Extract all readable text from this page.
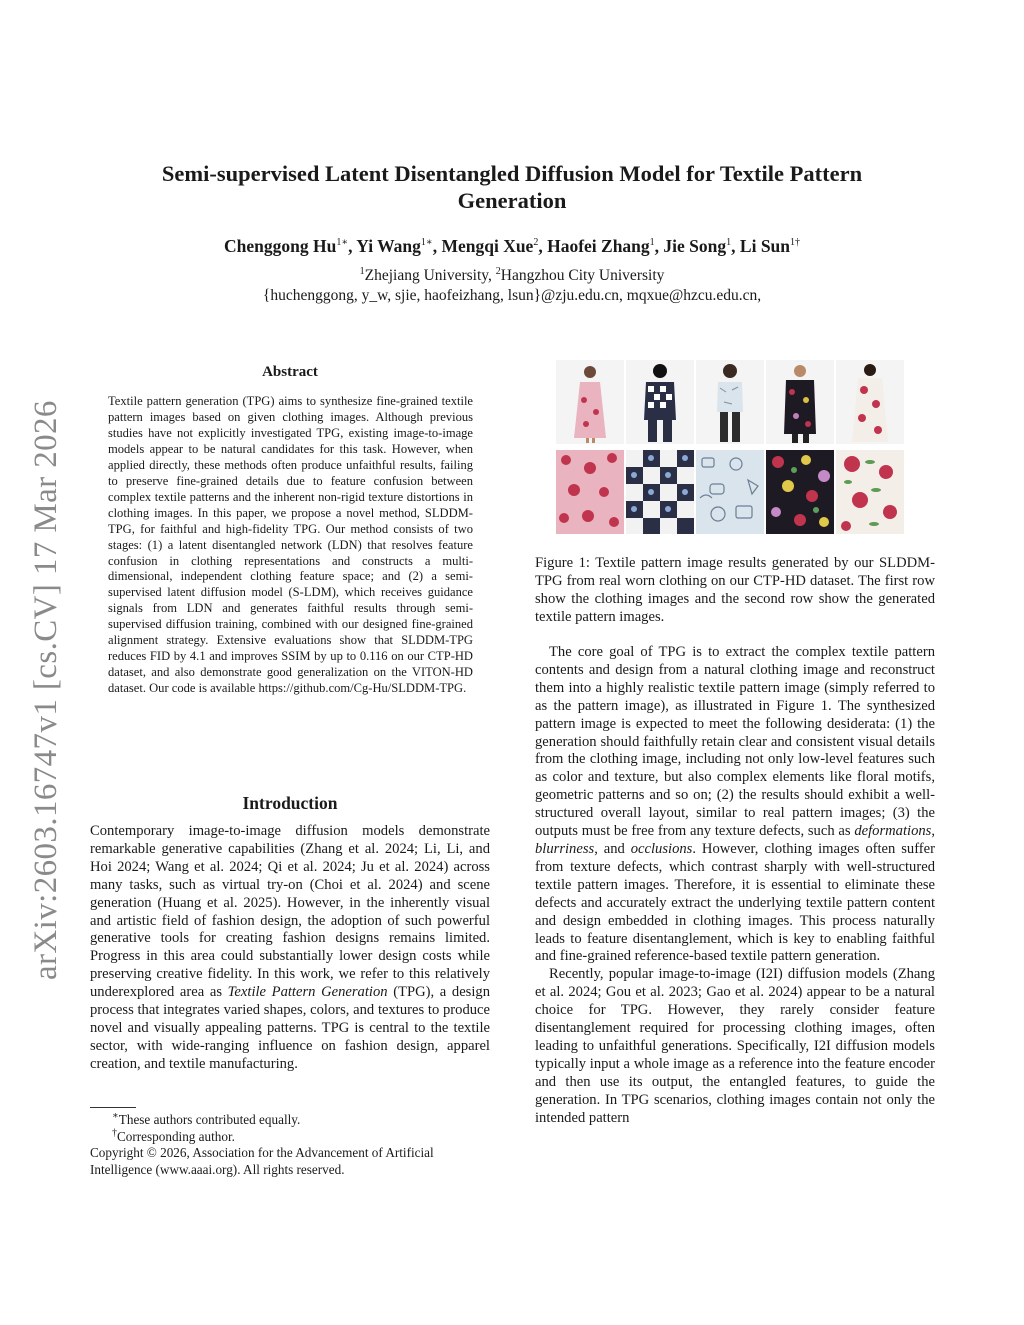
arXiv:2603.16747v1 [cs.CV] 17 Mar 2026
Semi-supervised Latent Disentangled Diffusion Model for Textile Pattern Generation
Chenggong $Hu^{1∗}$, Yi Wang$^{1∗}$, Mengqi Xue$^2$, Haofei Zhang$^1$, Jie Song$^1$, Li Sun$^{1\dagger}$
$^1$Zhejiang University, $^2$Hangzhou City University
{huchenggong, y_w, sjie, haofeizhang, lsun}@zju.edu.cn, mqxue@hzcu.edu.cn,
Abstract

Textile pattern generation (TPG) aims to synthesize fine-grained textile pattern images based on given clothing images. Although previous studies have not explicitly investigated TPG, existing image-to-image models appear to be natural candidates for this task. However, when applied directly, these methods often produce unfaithful results, failing to preserve fine-grained details due to feature confusion between complex textile patterns and the inherent non-rigid texture distortions in clothing images. In this paper, we propose a novel method, SLDDM-TPG, for faithful and high-fidelity TPG. Our method consists of two stages: (1) a latent disentangled network (LDN) that resolves feature confusion in clothing representations and constructs a multi-dimensional, independent clothing feature space; and (2) a semi-supervised latent diffusion model (S-LDM), which receives guidance signals from LDN and generates faithful results through semi-supervised diffusion training, combined with our designed fine-grained alignment strategy. Extensive evaluations show that SLDDM-TPG reduces FID by 4.1 and improves SSIM by up to 0.116 on our CTP-HD dataset, and also demonstrate good generalization on the VITON-HD dataset. Our code is available https://github.com/Cg-Hu/SLDDM-TPG.

Introduction

Contemporary image-to-image diffusion models demonstrate remarkable generative capabilities (Zhang et al. 2024; Li, Li, and Hoi 2024; Wang et al. 2024; Qi et al. 2024; Ju et al. 2024) across many tasks, such as virtual try-on (Choi et al. 2024) and scene generation (Huang et al. 2025). However, in the inherently visual and artistic field of fashion design, the adoption of such powerful generative tools for creating fashion designs remains limited. Progress in this area could substantially lower design costs while preserving creative fidelity. In this work, we refer to this relatively underexplored area as Textile Pattern Generation (TPG), a design process that integrates varied shapes, colors, and textures to produce novel and visually appealing patterns. TPG is central to the textile sector, with wide-ranging influence on fashion design, apparel creation, and textile manufacturing.

∗These authors contributed equally.

†Corresponding author.

Copyright © 2026, Association for the Advancement of Artificial Intelligence (www.aaai.org). All rights reserved.

Figure 1: Textile pattern image results generated by our SLDDM-TPG from real worn clothing on our CTP-HD dataset. The first row show the clothing images and the second row show the generated textile pattern images.

The core goal of TPG is to extract the complex textile pattern contents and design from a natural clothing image and reconstruct them into a highly realistic textile pattern image (simply referred to as the pattern image), as illustrated in Figure 1. The synthesized pattern image is expected to meet the following desiderata: (1) the generation should faithfully retain clear and consistent visual details from the clothing image, including not only low-level features such as color and texture, but also complex elements like floral motifs, geometric patterns and so on; (2) the results should exhibit a well-structured overall layout, similar to real pattern images; (3) the outputs must be free from any texture defects, such as deformations, blurriness, and occlusions. However, clothing images often suffer from texture defects, which contrast sharply with well-structured textile pattern images. Therefore, it is essential to eliminate these defects and accurately extract the underlying textile pattern content and design embedded in clothing images. This process naturally leads to feature disentanglement, which is key to enabling faithful and fine-grained reference-based textile pattern generation.

Recently, popular image-to-image (I2I) diffusion models (Zhang et al. 2024; Gou et al. 2023; Gao et al. 2024) appear to be a natural choice for TPG. However, they rarely consider feature disentanglement required for processing clothing images, often leading to unfaithful generations. Specifically, I2I diffusion models typically input a whole image as a reference into the feature encoder and then use its output, the entangled features, to guide the generation. In TPG scenarios, clothing images contain not only the intended pattern
